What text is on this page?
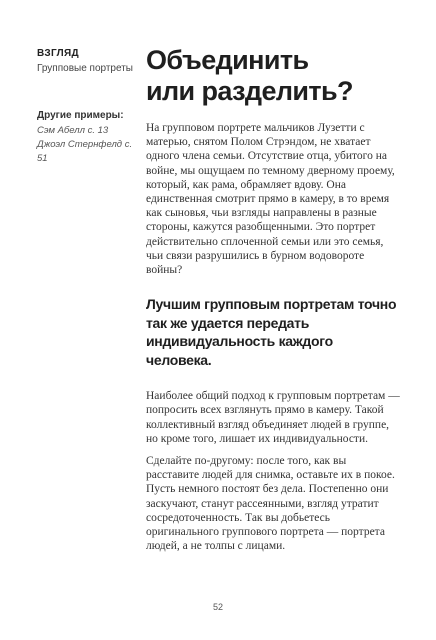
ВЗГЛЯД
Групповые портреты
Другие примеры:
Сэм Абелл с. 13
Джоэл Стернфелд с. 51
Объединить
или разделить?

На групповом портрете мальчиков Лузетти с матерью, снятом Полом Стрэндом, не хватает одного члена семьи. Отсутствие отца, убитого на войне, мы ощущаем по темному дверному проему, который, как рама, обрамляет вдову. Она единственная смотрит прямо в камеру, в то время как сыновья, чьи взгляды направлены в разные стороны, кажутся разобщенными. Это портрет действительно сплоченной семьи или это семья, чьи связи разрушились в бурном водовороте войны?

Лучшим групповым портретам точно так же удается передать индивидуальность каждого человека.

Наиболее общий подход к групповым портретам — попросить всех взглянуть прямо в камеру. Такой коллективный взгляд объединяет людей в группе, но кроме того, лишает их индивидуальности.

Сделайте по-другому: после того, как вы расставите людей для снимка, оставьте их в покое. Пусть немного постоят без дела. Постепенно они заскучают, станут рассеянными, взгляд утратит сосредоточенность. Так вы добьетесь оригинального группового портрета — портрета людей, а не толпы с лицами.

52
